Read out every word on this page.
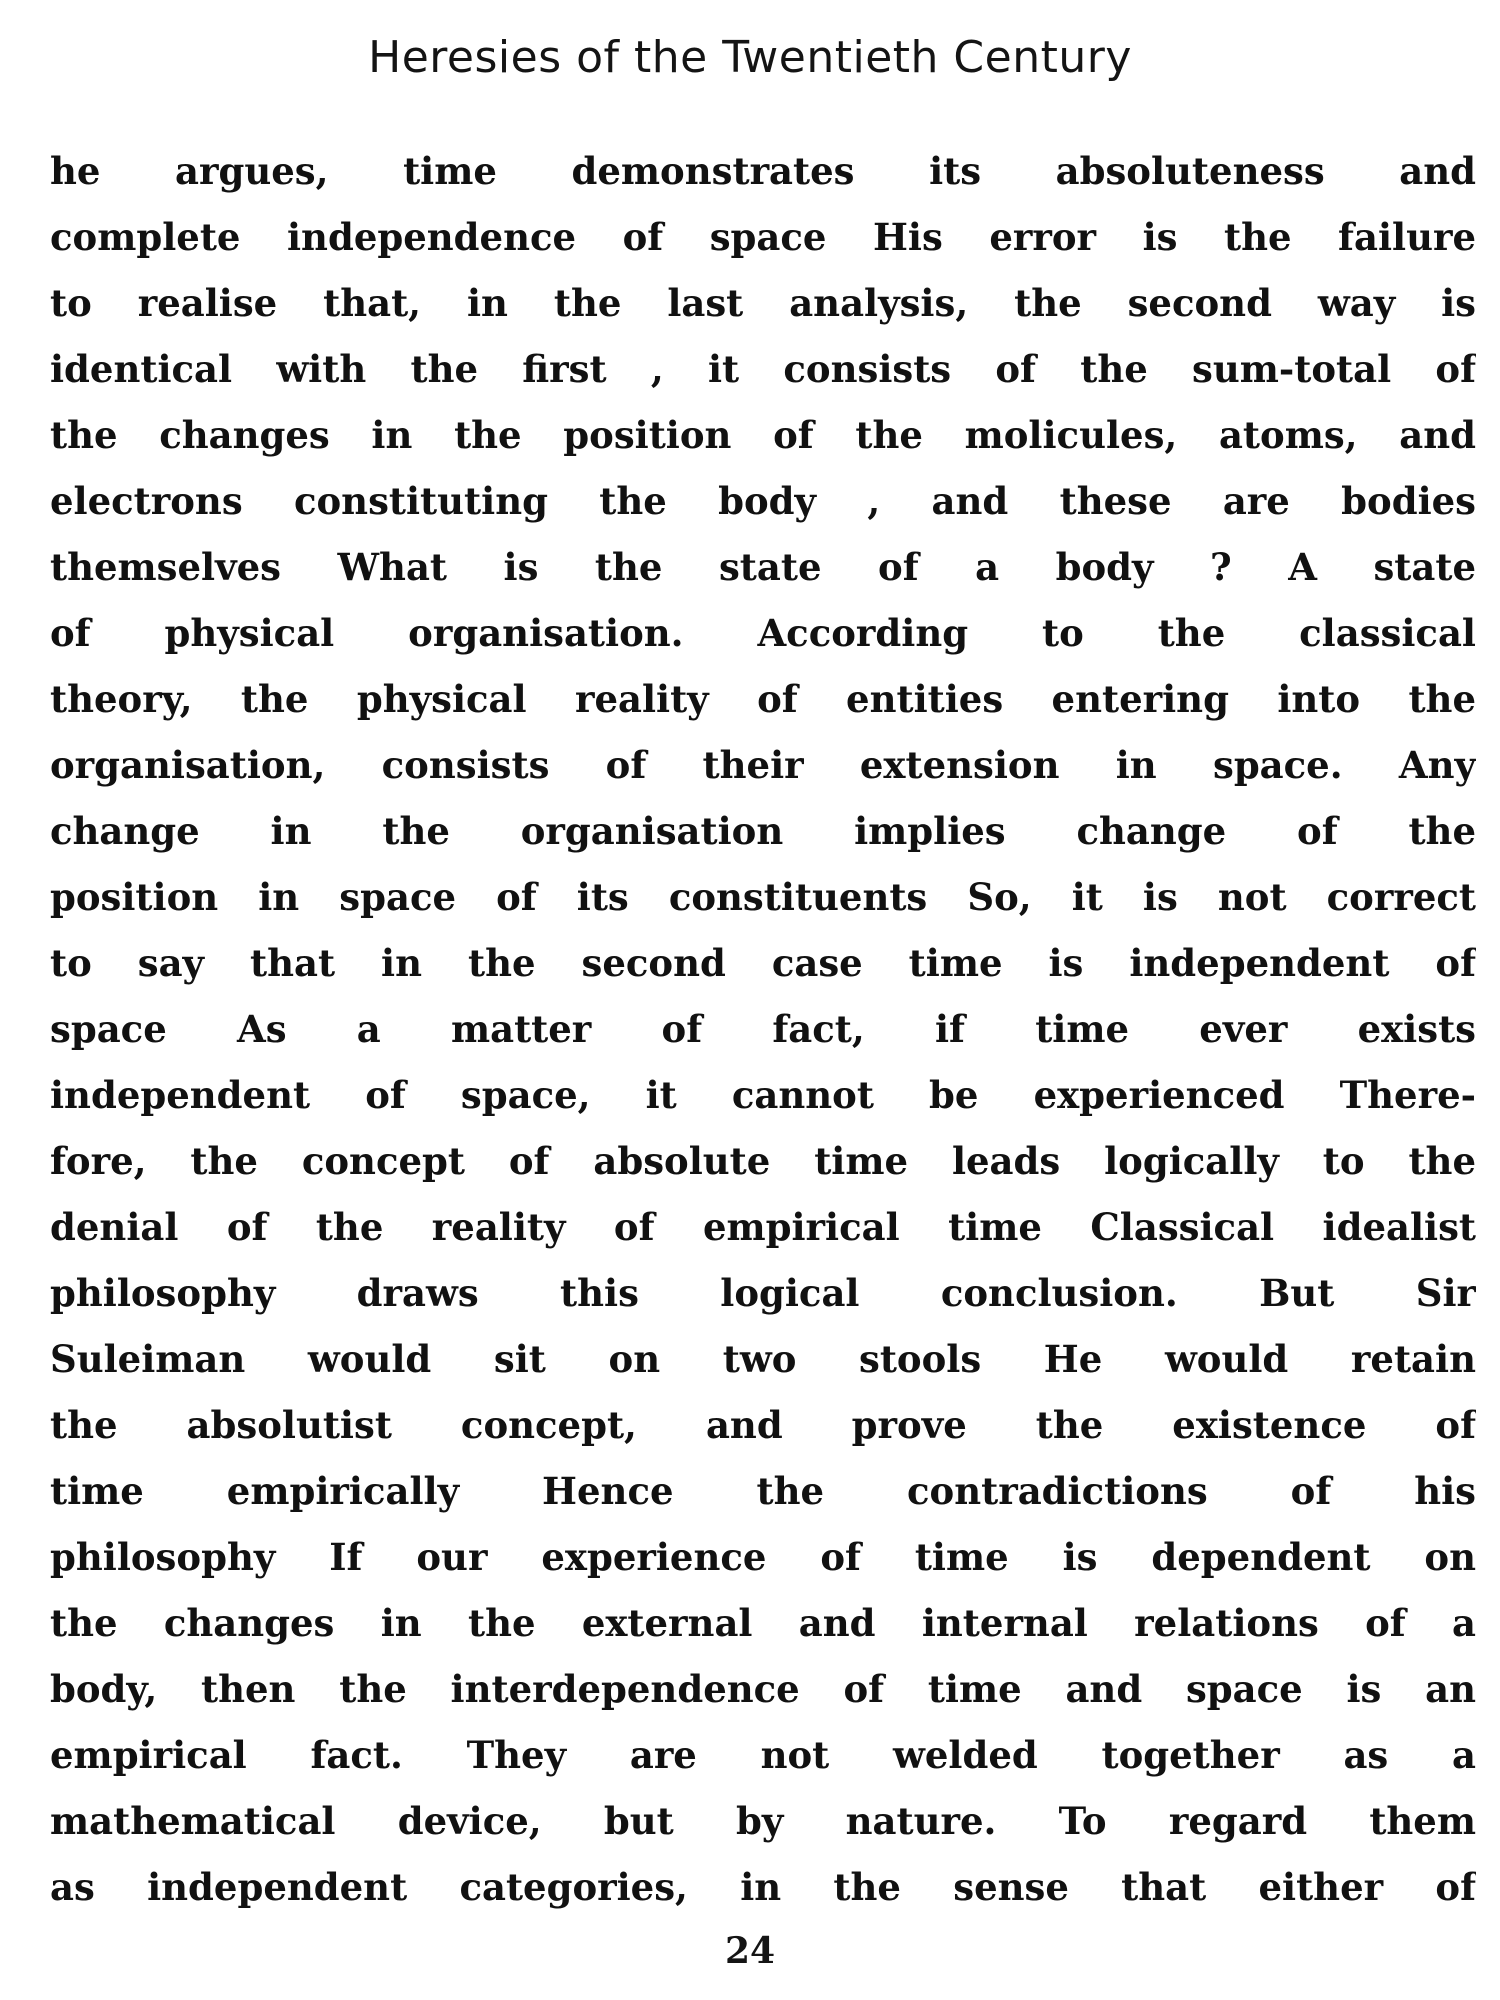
Heresies of the Twentieth Century
he argues, time demonstrates its absoluteness and
complete independence of space His error is the failure
to realise that, in the last analysis, the second way is
identical with the first , it consists of the sum-total of
the changes in the position of the molicules, atoms, and
electrons constituting the body , and these are bodies
themselves What is the state of a body ? A state
of physical organisation. According to the classical
theory, the physical reality of entities entering into the
organisation, consists of their extension in space. Any
change in the organisation implies change of the
position in space of its constituents So, it is not correct
to say that in the second case time is independent of
space As a matter of fact, if time ever exists
independent of space, it cannot be experienced There-
fore, the concept of absolute time leads logically to the
denial of the reality of empirical time Classical idealist
philosophy draws this logical conclusion. But Sir
Suleiman would sit on two stools He would retain
the absolutist concept, and prove the existence of
time empirically Hence the contradictions of his
philosophy If our experience of time is dependent on
the changes in the external and internal relations of a
body, then the interdependence of time and space is an
empirical fact. They are not welded together as a
mathematical device, but by nature. To regard them
as independent categories, in the sense that either of
24
